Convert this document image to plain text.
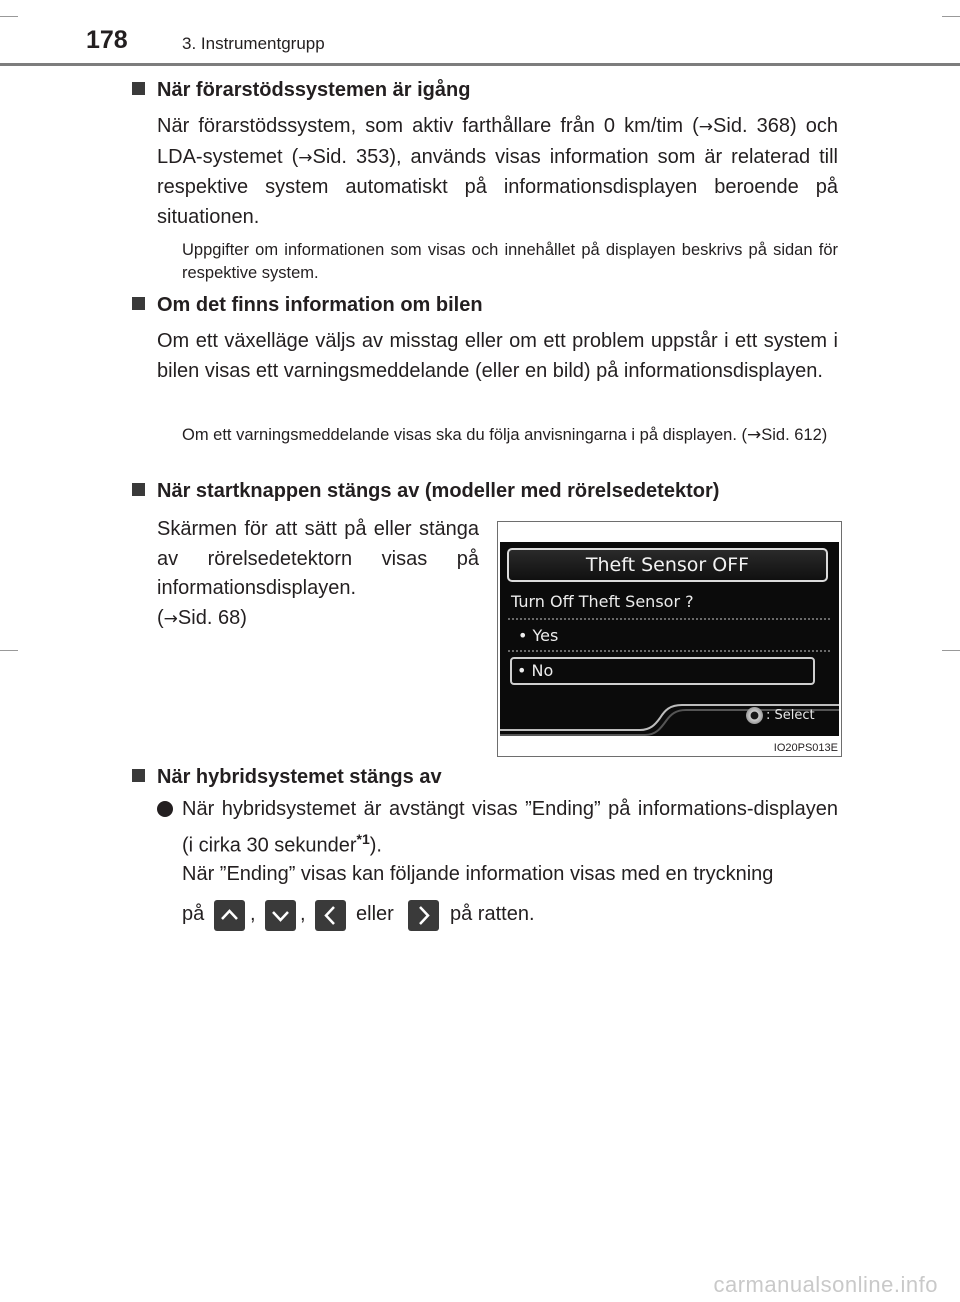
178	3. Instrumentgrupp
När förarstödssystemen är igång
När förarstödssystem, som aktiv farthållare från 0 km/tim (→Sid. 368) och LDA-systemet (→Sid. 353), används visas information som är relaterad till respektive system automatiskt på informationsdisplayen beroende på situationen.
Uppgifter om informationen som visas och innehållet på displayen beskrivs på sidan för respektive system.
Om det finns information om bilen
Om ett växelläge väljs av misstag eller om ett problem uppstår i ett system i bilen visas ett varningsmeddelande (eller en bild) på informationsdisplayen.
Om ett varningsmeddelande visas ska du följa anvisningarna i på displayen. (→Sid. 612)
När startknappen stängs av (modeller med rörelsedetektor)
Skärmen för att sätt på eller stänga av rörelsedetektorn visas på informationsdisplayen.
(→Sid. 68)
Theft Sensor OFF
Turn Off Theft Sensor ?
• Yes
• No
: Select
IO20PS013E
När hybridsystemet stängs av
När hybridsystemet är avstängt visas ”Ending” på informations-displayen (i cirka 30 sekunder$^{*1}$).
När ”Ending” visas kan följande information visas med en tryckning
på , ,	eller	på ratten.
carmanualsonline.info
